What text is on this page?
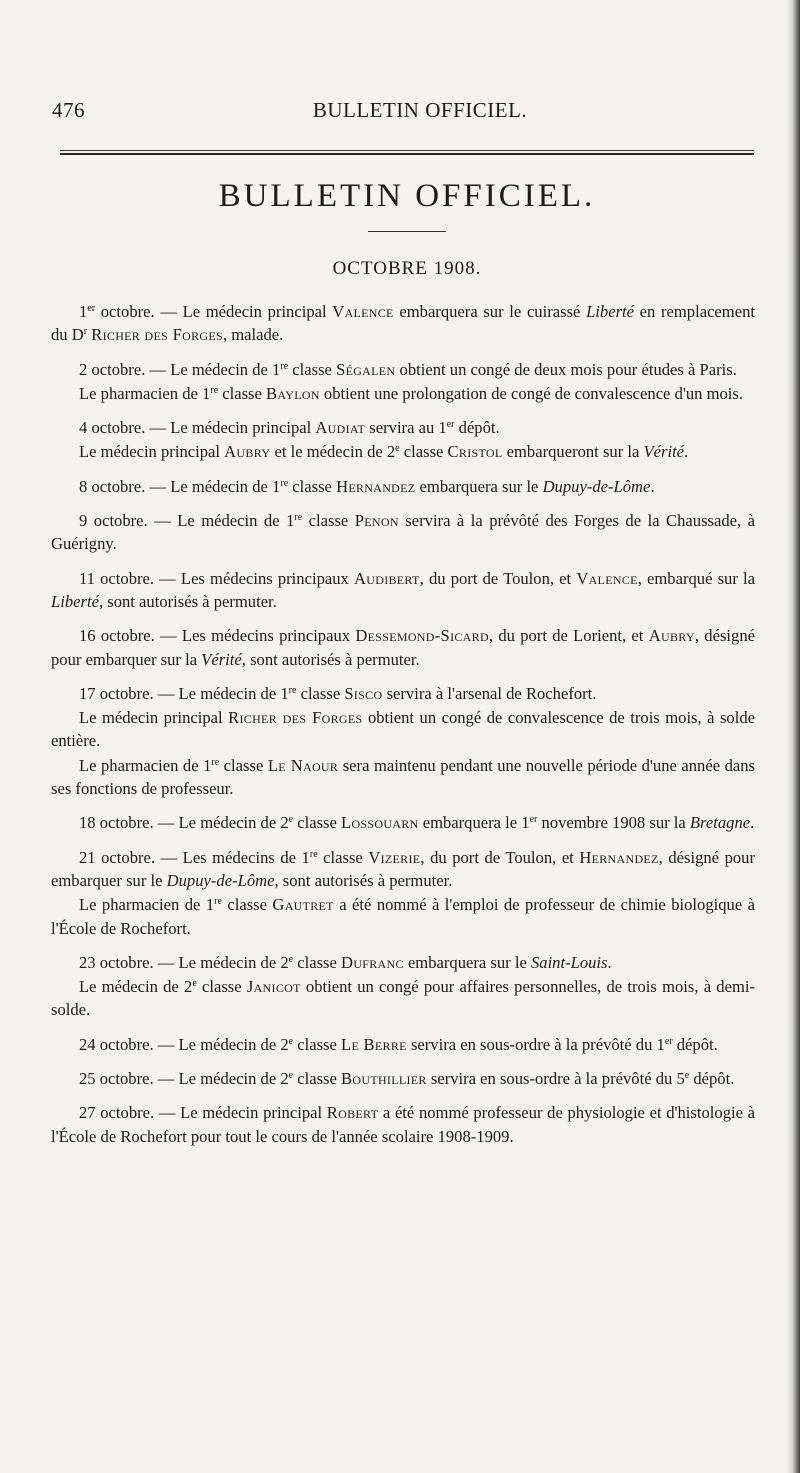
476	BULLETIN OFFICIEL.
BULLETIN OFFICIEL.
OCTOBRE 1908.

1er octobre. — Le médecin principal Valence embarquera sur le cuirassé Liberté en remplacement du $D^r$ Richer des Forges, malade.

2 octobre. — Le médecin de 1re classe Ségalen obtient un congé de deux mois pour études à Paris.

Le pharmacien de 1re classe Baylon obtient une prolongation de congé de convalescence d'un mois.

4 octobre. — Le médecin principal Audiat servira au 1er dépôt.

Le médecin principal Aubry et le médecin de 2e classe Cristol embarqueront sur la Vérité.

8 octobre. — Le médecin de 1re classe Hernandez embarquera sur le Dupuy-de-Lôme.

9 octobre. — Le médecin de 1re classe Penon servira à la prévôté des Forges de la Chaussade, à Guérigny.

11 octobre. — Les médecins principaux Audibert, du port de Toulon, et Valence, embarqué sur la Liberté, sont autorisés à permuter.

16 octobre. — Les médecins principaux Dessemond-Sicard, du port de Lorient, et Aubry, désigné pour embarquer sur la Vérité, sont autorisés à permuter.

17 octobre. — Le médecin de 1re classe Sisco servira à l'arsenal de Rochefort.

Le médecin principal Richer des Forges obtient un congé de convalescence de trois mois, à solde entière.

Le pharmacien de 1re classe Le Naour sera maintenu pendant une nouvelle période d'une année dans ses fonctions de professeur.

18 octobre. — Le médecin de 2e classe Lossouarn embarquera le 1er novembre 1908 sur la Bretagne.

21 octobre. — Les médecins de 1re classe Vizerie, du port de Toulon, et Hernandez, désigné pour embarquer sur le Dupuy-de-Lôme, sont autorisés à permuter.

Le pharmacien de 1re classe Gautret a été nommé à l'emploi de professeur de chimie biologique à l'École de Rochefort.

23 octobre. — Le médecin de 2e classe Dufranc embarquera sur le Saint-Louis.

Le médecin de 2e classe Janicot obtient un congé pour affaires personnelles, de trois mois, à demi-solde.

24 octobre. — Le médecin de 2e classe Le Berre servira en sous-ordre à la prévôté du 1er dépôt.

25 octobre. — Le médecin de 2e classe Bouthillier servira en sous-ordre à la prévôté du 5e dépôt.

27 octobre. — Le médecin principal Robert a été nommé professeur de physiologie et d'histologie à l'École de Rochefort pour tout le cours de l'année scolaire 1908-1909.
